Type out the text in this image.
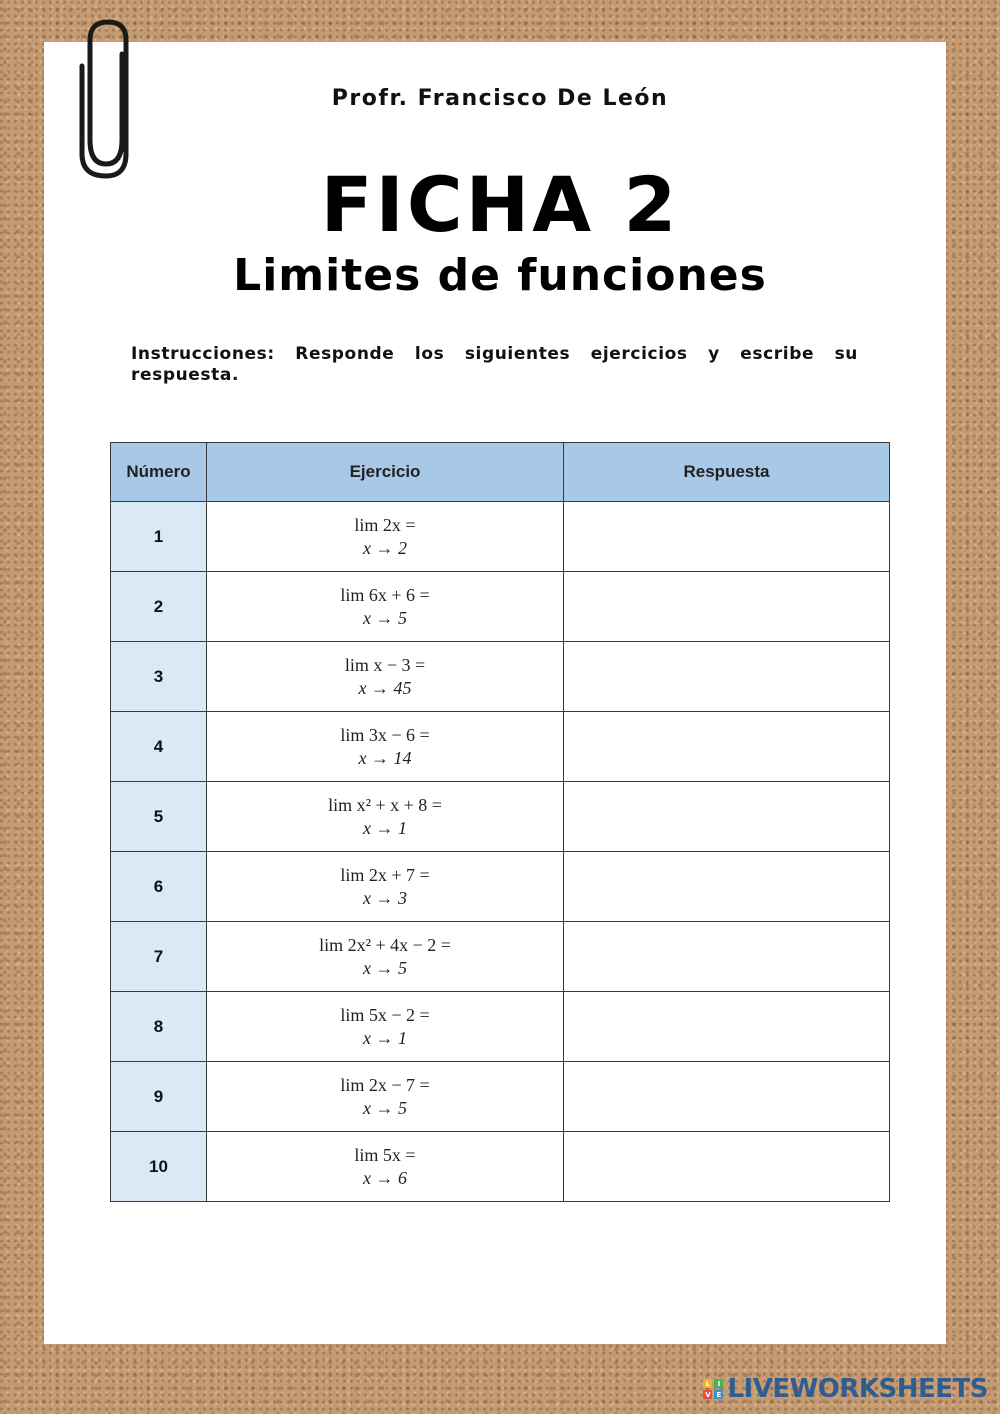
Profr. Francisco De León
FICHA 2
Limites de funciones
Instrucciones: Responde los siguientes ejercicios y escribe su respuesta.
Número	Ejercicio	Respuesta
1	lim 2x =
x → 2

2	lim 6x + 6 =
x → 5

3	lim x − 3 =
x → 45

4	lim 3x − 6 =
x → 14

5	lim x² + x + 8 =
x → 1

6	lim 2x + 7 =
x → 3

7	lim 2x² + 4x − 2 =
x → 5

8	lim 5x − 2 =
x → 1

9	lim 2x − 7 =
x → 5

10	lim 5x =
x → 6

L	I
V E LIVEWORKSHEETS
